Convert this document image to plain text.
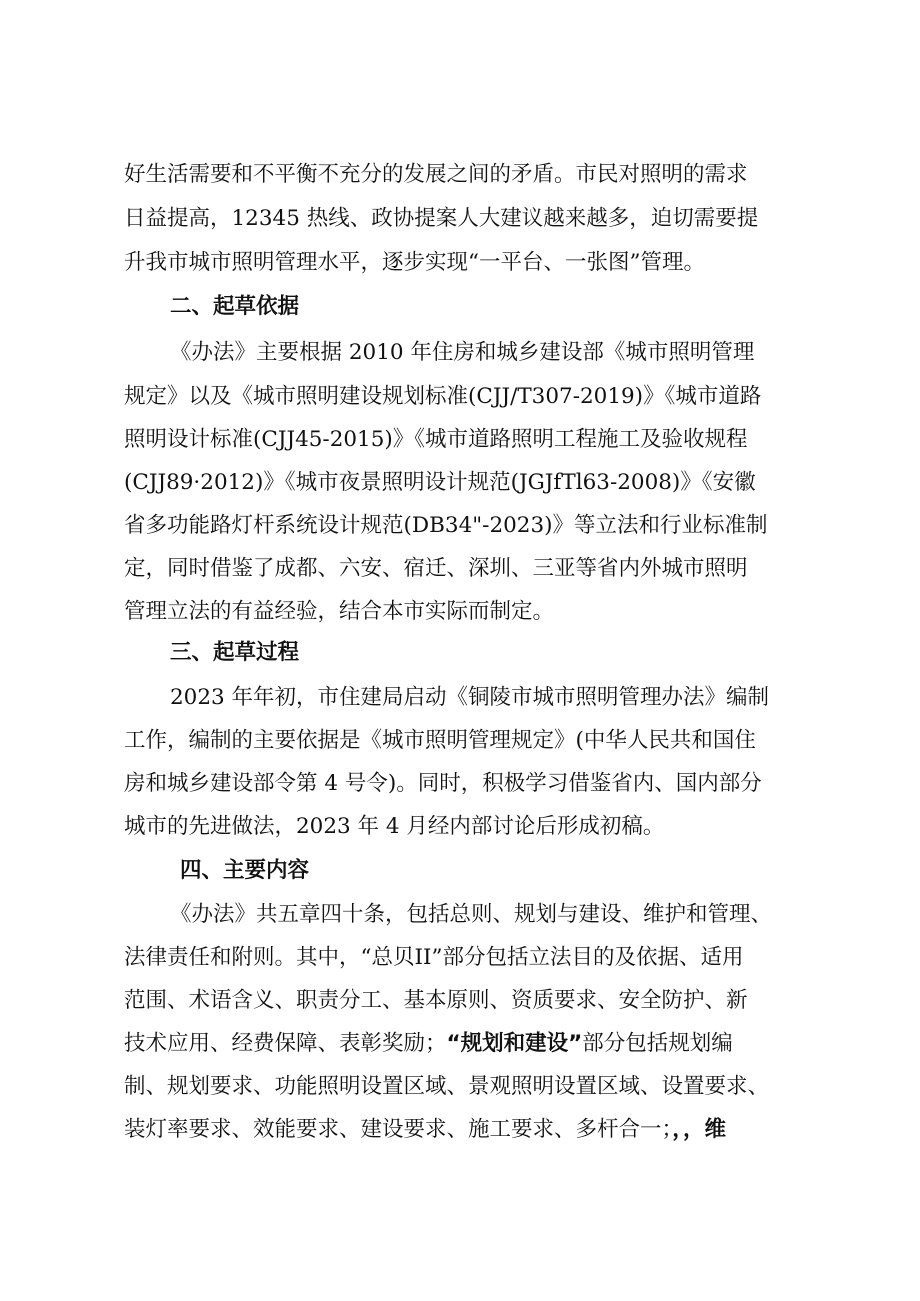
好生活需要和不平衡不充分的发展之间的矛盾。市民对照明的需求
日益提高，12345 热线、政协提案人大建议越来越多，迫切需要提
升我市城市照明管理水平，逐步实现“一平台、一张图”管理。
二、起草依据
《办法》主要根据 2010 年住房和城乡建设部《城市照明管理
规定》以及《城市照明建设规划标准(CJJ/T307-2019)》《城市道路
照明设计标准(CJJ45-2015)》《城市道路照明工程施工及验收规程
(CJJ89·2012)》《城市夜景照明设计规范(JGJfTl63-2008)》《安徽
省多功能路灯杆系统设计规范(DB34"-2023)》等立法和行业标准制
定，同时借鉴了成都、六安、宿迁、深圳、三亚等省内外城市照明
管理立法的有益经验，结合本市实际而制定。
三、起草过程
2023 年年初，市住建局启动《铜陵市城市照明管理办法》编制
工作，编制的主要依据是《城市照明管理规定》(中华人民共和国住
房和城乡建设部令第 4 号令)。同时，积极学习借鉴省内、国内部分
城市的先进做法，2023 年 4 月经内部讨论后形成初稿。
四、主要内容
《办法》共五章四十条，包括总则、规划与建设、维护和管理、
法律责任和附则。其中，“总贝II”部分包括立法目的及依据、适用
范围、术语含义、职责分工、基本原则、资质要求、安全防护、新
技术应用、经费保障、表彰奖励；“规划和建设”部分包括规划编
制、规划要求、功能照明设置区域、景观照明设置区域、设置要求、
装灯率要求、效能要求、建设要求、施工要求、多杆合一；，，维
